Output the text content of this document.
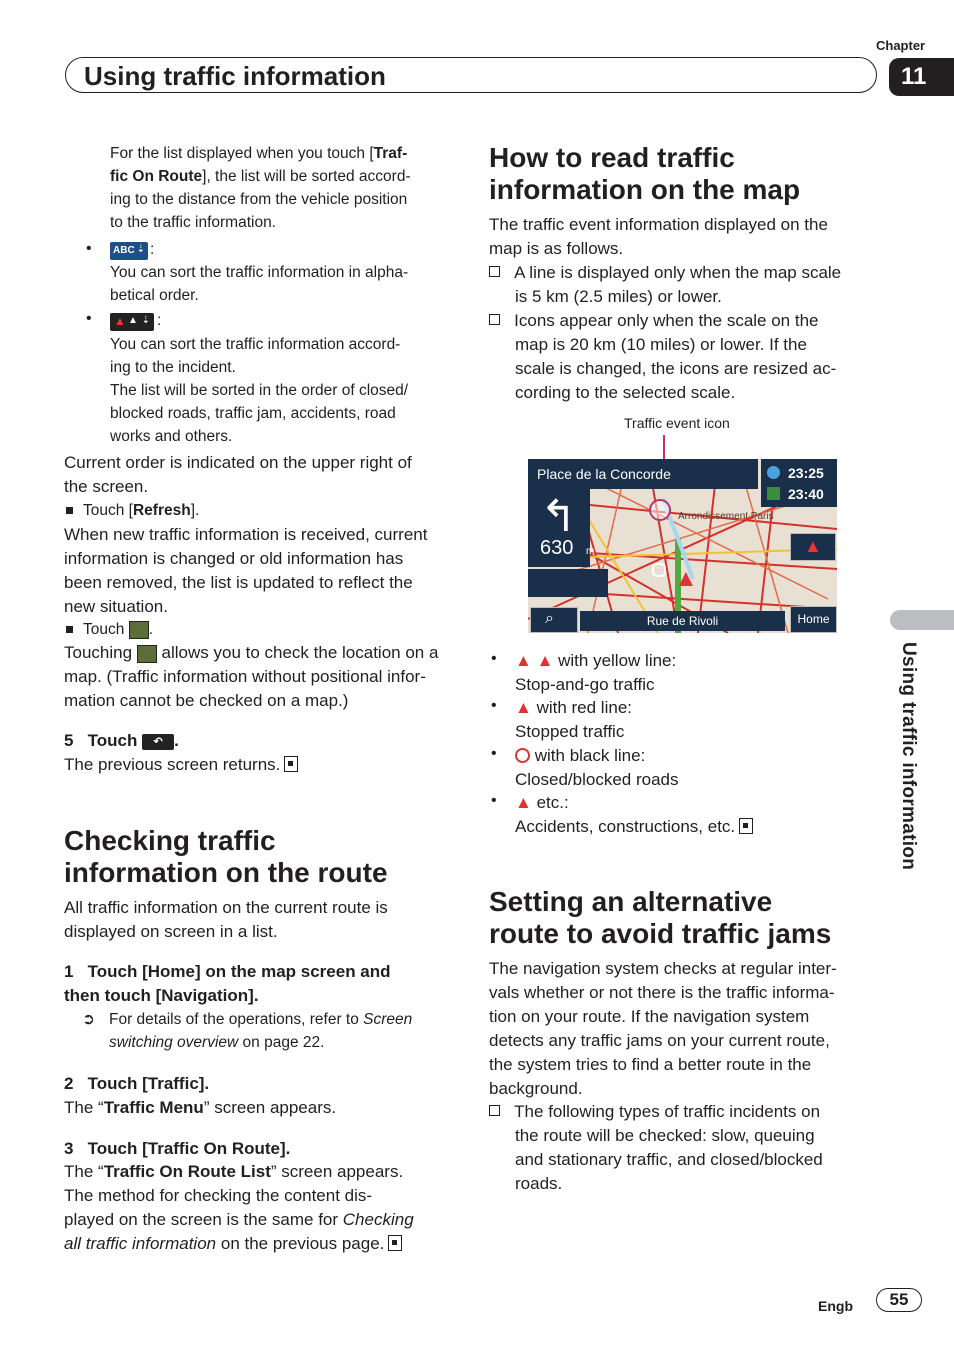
Using traffic information
Chapter
11
Using traffic information
For the list displayed when you touch [Traf-
fic On Route], the list will be sorted accord-
ing to the distance from the vehicle position
to the traffic information.
• ABC ⇣ :
You can sort the traffic information in alpha-
betical order.
• ▲ ▲ ⇣ :
You can sort the traffic information accord-
ing to the incident.
The list will be sorted in the order of closed/
blocked roads, traffic jam, accidents, road
works and others.
Current order is indicated on the upper right of
the screen.
Touch [Refresh].
When new traffic information is received, current
information is changed or old information has
been removed, the list is updated to reflect the
new situation.
Touch .
Touching allows you to check the location on a
map. (Traffic information without positional infor-
mation cannot be checked on a map.)
5 Touch ↶ .
The previous screen returns.
Checking traffic
information on the route
All traffic information on the current route is
displayed on screen in a list.
1 Touch [Home] on the map screen and
then touch [Navigation].
➲ For details of the operations, refer to Screen
switching overview on page 22.
2 Touch [Traffic].
The “Traffic Menu” screen appears.
3 Touch [Traffic On Route].
The “Traffic On Route List” screen appears.
The method for checking the content dis-
played on the screen is the same for Checking
all traffic information on the previous page.
How to read traffic
information on the map
The traffic event information displayed on the
map is as follows.
A line is displayed only when the map scale
is 5 km (2.5 miles) or lower.
Icons appear only when the scale on the
map is 20 km (10 miles) or lower. If the
scale is changed, the icons are resized ac-
cording to the selected scale.
Traffic event icon
Place de la Concorde	23:25
23:40
↰
630 m
Arrondissement Paris
▲
▲
⌕	Rue de Rivoli	Home
• ▲ ▲ with yellow line:
Stop-and-go traffic
• ▲ with red line:
Stopped traffic
•	with black line:
Closed/blocked roads
• ▲ etc.:
Accidents, constructions, etc.
Setting an alternative
route to avoid traffic jams
The navigation system checks at regular inter-
vals whether or not there is the traffic informa-
tion on your route. If the navigation system
detects any traffic jams on your current route,
the system tries to find a better route in the
background.
The following types of traffic incidents on
the route will be checked: slow, queuing
and stationary traffic, and closed/blocked
roads.
Engb	55
